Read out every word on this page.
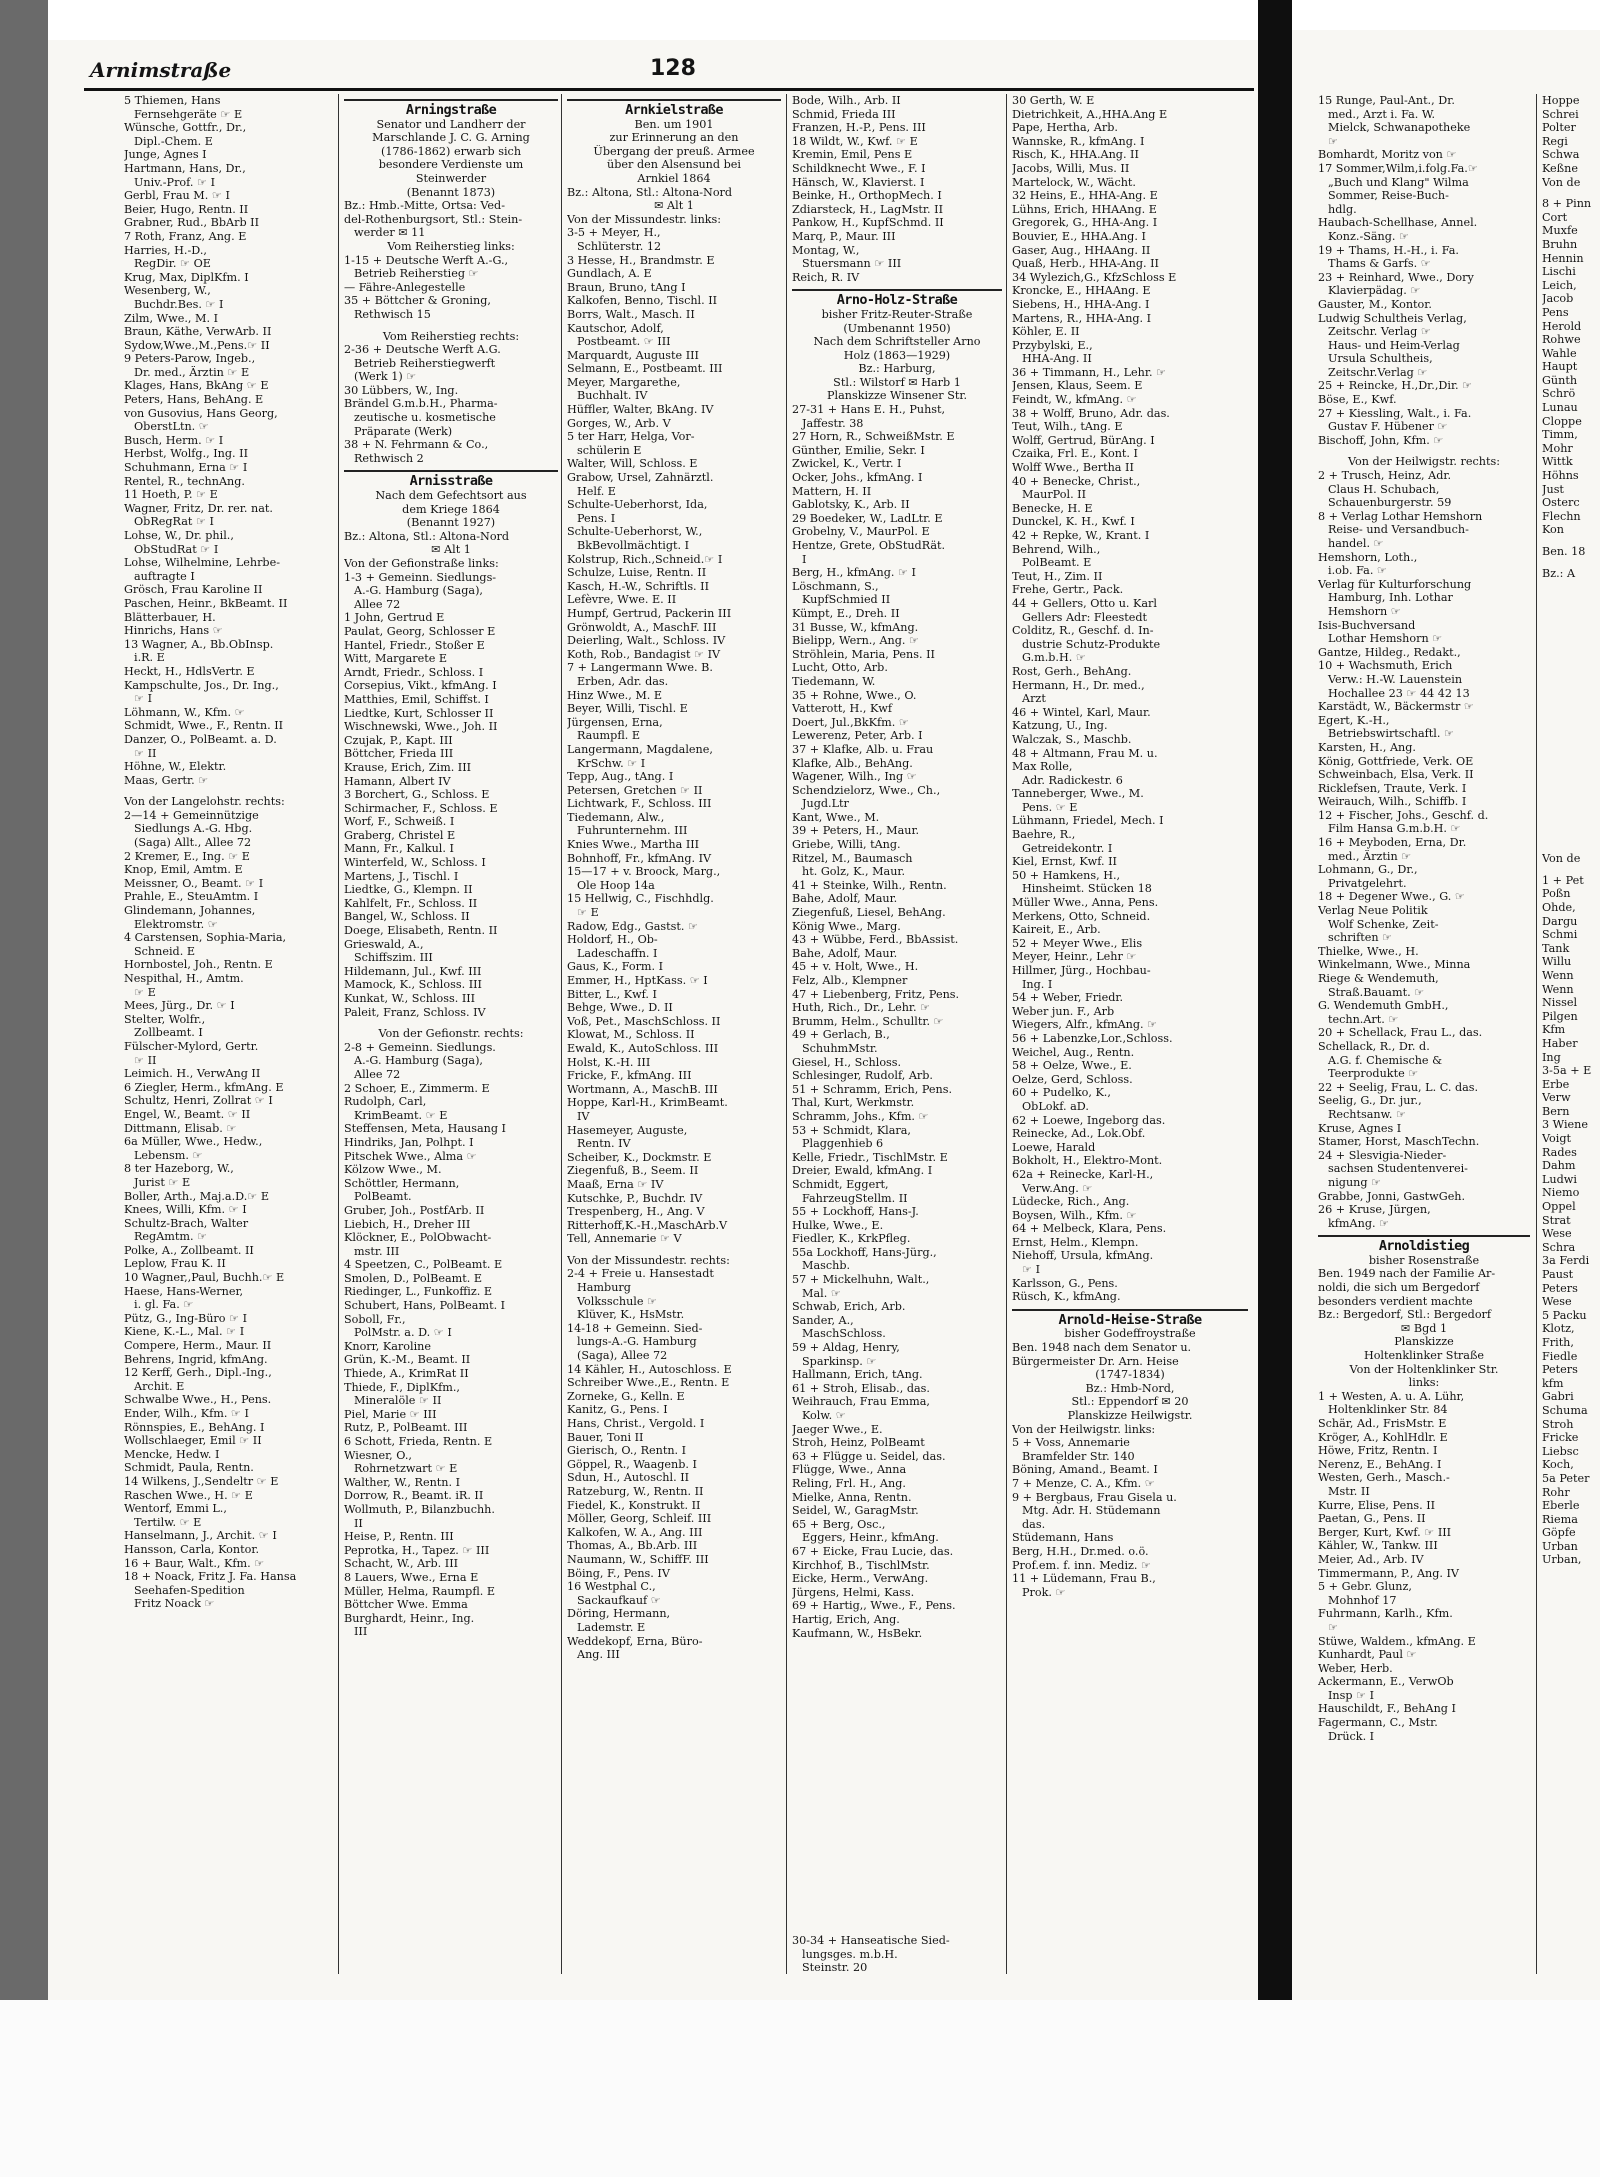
Arnimstraße	128
5 Thiemen, Hans
Fernsehgeräte ☞ E
Wünsche, Gottfr., Dr.,
Dipl.-Chem. E
Junge, Agnes I
Hartmann, Hans, Dr.,
Univ.-Prof. ☞ I
Gerbl, Frau M. ☞ I
Beier, Hugo, Rentn. II
Grabner, Rud., BbArb II
7 Roth, Franz, Ang. E
Harries, H.-D.,
RegDir. ☞ OE
Krug, Max, DiplKfm. I
Wesenberg, W.,
Buchdr.Bes. ☞ I
Zilm, Wwe., M. I
Braun, Käthe, VerwArb. II
Sydow,Wwe.,M.,Pens.☞ II
9 Peters-Parow, Ingeb.,
Dr. med., Ärztin ☞ E
Klages, Hans, BkAng ☞ E
Peters, Hans, BehAng. E
von Gusovius, Hans Georg,
OberstLtn. ☞
Busch, Herm. ☞ I
Herbst, Wolfg., Ing. II
Schuhmann, Erna ☞ I
Rentel, R., technAng.
11 Hoeth, P. ☞ E
Wagner, Fritz, Dr. rer. nat.
ObRegRat ☞ I
Lohse, W., Dr. phil.,
ObStudRat ☞ I
Lohse, Wilhelmine, Lehrbe-
auftragte I
Grösch, Frau Karoline II
Paschen, Heinr., BkBeamt. II
Blätterbauer, H.
Hinrichs, Hans ☞
13 Wagner, A., Bb.ObInsp.
i.R. E
Heckt, H., HdlsVertr. E
Kampschulte, Jos., Dr. Ing.,
☞ I
Löhmann, W., Kfm. ☞
Schmidt, Wwe., F., Rentn. II
Danzer, O., PolBeamt. a. D.
☞ II
Höhne, W., Elektr.
Maas, Gertr. ☞
Von der Langelohstr. rechts:
2—14 + Gemeinnützige
Siedlungs A.-G. Hbg.
(Saga) Allt., Allee 72
2 Kremer, E., Ing. ☞ E
Knop, Emil, Amtm. E
Meissner, O., Beamt. ☞ I
Prahle, E., SteuAmtm. I
Glindemann, Johannes,
Elektromstr. ☞
4 Carstensen, Sophia-Maria,
Schneid. E
Hornbostel, Joh., Rentn. E
Nespithal, H., Amtm.
☞ E
Mees, Jürg., Dr. ☞ I
Stelter, Wolfr.,
Zollbeamt. I
Fülscher-Mylord, Gertr.
☞ II
Leimich. H., VerwAng II
6 Ziegler, Herm., kfmAng. E
Schultz, Henri, Zollrat ☞ I
Engel, W., Beamt. ☞ II
Dittmann, Elisab. ☞
6a Müller, Wwe., Hedw.,
Lebensm. ☞
8 ter Hazeborg, W.,
Jurist ☞ E
Boller, Arth., Maj.a.D.☞ E
Knees, Willi, Kfm. ☞ I
Schultz-Brach, Walter
RegAmtm. ☞
Polke, A., Zollbeamt. II
Leplow, Frau K. II
10 Wagner,,Paul, Buchh.☞ E
Haese, Hans-Werner,
i. gl. Fa. ☞
Pütz, G., Ing-Büro ☞ I
Kiene, K.-L., Mal. ☞ I
Compere, Herm., Maur. II
Behrens, Ingrid, kfmAng.
12 Kerff, Gerh., Dipl.-Ing.,
Archit. E
Schwalbe Wwe., H., Pens.
Ender, Wilh., Kfm. ☞ I
Rönnspies, E., BehAng. I
Wollschlaeger, Emil ☞ II
Mencke, Hedw. I
Schmidt, Paula, Rentn.
14 Wilkens, J.,Sendeltr ☞ E
Raschen Wwe., H. ☞ E
Wentorf, Emmi L.,
Tertilw. ☞ E
Hanselmann, J., Archit. ☞ I
Hansson, Carla, Kontor.
16 + Baur, Walt., Kfm. ☞
18 + Noack, Fritz J. Fa. Hansa
Seehafen-Spedition
Fritz Noack ☞
Arningstraße
Senator und Landherr der
Marschlande J. C. G. Arning
(1786-1862) erwarb sich
besondere Verdienste um
Steinwerder
(Benannt 1873)
Bz.: Hmb.-Mitte, Ortsa: Ved-
del-Rothenburgsort, Stl.: Stein-
werder ✉ 11
Vom Reiherstieg links:
1-15 + Deutsche Werft A.-G.,
Betrieb Reiherstieg ☞
— Fähre-Anlegestelle
35 + Böttcher & Groning,
Rethwisch 15
Vom Reiherstieg rechts:
2-36 + Deutsche Werft A.G.
Betrieb Reiherstiegwerft
(Werk 1) ☞
30 Lübbers, W., Ing.
Brändel G.m.b.H., Pharma-
zeutische u. kosmetische
Präparate (Werk)
38 + N. Fehrmann & Co.,
Rethwisch 2
Arnisstraße
Nach dem Gefechtsort aus
dem Kriege 1864
(Benannt 1927)
Bz.: Altona, Stl.: Altona-Nord
✉ Alt 1
Von der Gefionstraße links:
1-3 + Gemeinn. Siedlungs-
A.-G. Hamburg (Saga),
Allee 72
1 John, Gertrud E
Paulat, Georg, Schlosser E
Hantel, Friedr., Stoßer E
Witt, Margarete E
Arndt, Friedr., Schloss. I
Corsepius, Vikt., kfmAng. I
Matthies, Emil, Schiffst. I
Liedtke, Kurt, Schlosser II
Wischnewski, Wwe., Joh. II
Czujak, P., Kapt. III
Böttcher, Frieda III
Krause, Erich, Zim. III
Hamann, Albert IV
3 Borchert, G., Schloss. E
Schirmacher, F., Schloss. E
Worf, F., Schweiß. I
Graberg, Christel E
Mann, Fr., Kalkul. I
Winterfeld, W., Schloss. I
Martens, J., Tischl. I
Liedtke, G., Klempn. II
Kahlfelt, Fr., Schloss. II
Bangel, W., Schloss. II
Doege, Elisabeth, Rentn. II
Grieswald, A.,
Schiffszim. III
Hildemann, Jul., Kwf. III
Mamock, K., Schloss. III
Kunkat, W., Schloss. III
Paleit, Franz, Schloss. IV
Von der Gefionstr. rechts:
2-8 + Gemeinn. Siedlungs.
A.-G. Hamburg (Saga),
Allee 72
2 Schoer, E., Zimmerm. E
Rudolph, Carl,
KrimBeamt. ☞ E
Steffensen, Meta, Hausang I
Hindriks, Jan, Polhpt. I
Pitschek Wwe., Alma ☞
Kölzow Wwe., M.
Schöttler, Hermann,
PolBeamt.
Gruber, Joh., PostfArb. II
Liebich, H., Dreher III
Klöckner, E., PolObwacht-
mstr. III
4 Speetzen, C., PolBeamt. E
Smolen, D., PolBeamt. E
Riedinger, L., Funkoffiz. E
Schubert, Hans, PolBeamt. I
Soboll, Fr.,
PolMstr. a. D. ☞ I
Knorr, Karoline
Grün, K.-M., Beamt. II
Thiede, A., KrimRat II
Thiede, F., DiplKfm.,
Mineralöle ☞ II
Piel, Marie ☞ III
Rutz, P., PolBeamt. III
6 Schott, Frieda, Rentn. E
Wiesner, O.,
Rohrnetzwart ☞ E
Walther, W., Rentn. I
Dorrow, R., Beamt. iR. II
Wollmuth, P., Bilanzbuchh.
II
Heise, P., Rentn. III
Peprotka, H., Tapez. ☞ III
Schacht, W., Arb. III
8 Lauers, Wwe., Erna E
Müller, Helma, Raumpfl. E
Böttcher Wwe. Emma
Burghardt, Heinr., Ing.
III
Arnkielstraße
Ben. um 1901
zur Erinnerung an den
Übergang der preuß. Armee
über den Alsensund bei
Arnkiel 1864
Bz.: Altona, Stl.: Altona-Nord
✉ Alt 1
Von der Missundestr. links:
3-5 + Meyer, H.,
Schlüterstr. 12
3 Hesse, H., Brandmstr. E
Gundlach, A. E
Braun, Bruno, tAng I
Kalkofen, Benno, Tischl. II
Borrs, Walt., Masch. II
Kautschor, Adolf,
Postbeamt. ☞ III
Marquardt, Auguste III
Selmann, E., Postbeamt. III
Meyer, Margarethe,
Buchhalt. IV
Hüffler, Walter, BkAng. IV
Gorges, W., Arb. V
5 ter Harr, Helga, Vor-
schülerin E
Walter, Will, Schloss. E
Grabow, Ursel, Zahnärztl.
Helf. E
Schulte-Ueberhorst, Ida,
Pens. I
Schulte-Ueberhorst, W.,
BkBevollmächtigt. I
Kolstrup, Rich.,Schneid.☞ I
Schulze, Luise, Rentn. II
Kasch, H.-W., Schriftls. II
Lefèvre, Wwe. E. II
Humpf, Gertrud, Packerin III
Grönwoldt, A., MaschF. III
Deierling, Walt., Schloss. IV
Koth, Rob., Bandagist ☞ IV
7 + Langermann Wwe. B.
Erben, Adr. das.
Hinz Wwe., M. E
Beyer, Willi, Tischl. E
Jürgensen, Erna,
Raumpfl. E
Langermann, Magdalene,
KrSchw. ☞ I
Tepp, Aug., tAng. I
Petersen, Gretchen ☞ II
Lichtwark, F., Schloss. III
Tiedemann, Alw.,
Fuhrunternehm. III
Knies Wwe., Martha III
Bohnhoff, Fr., kfmAng. IV
15—17 + v. Broock, Marg.,
Ole Hoop 14a
15 Hellwig, C., Fischhdlg.
☞ E
Radow, Edg., Gastst. ☞
Holdorf, H., Ob-
Ladeschaffn. I
Gaus, K., Form. I
Emmer, H., HptKass. ☞ I
Bitter, L., Kwf. I
Behge, Wwe., D. II
Voß, Pet., MaschSchloss. II
Klowat, M., Schloss. II
Ewald, K., AutoSchloss. III
Holst, K.-H. III
Fricke, F., kfmAng. III
Wortmann, A., MaschB. III
Hoppe, Karl-H., KrimBeamt.
IV
Hasemeyer, Auguste,
Rentn. IV
Scheiber, K., Dockmstr. E
Ziegenfuß, B., Seem. II
Maaß, Erna ☞ IV
Kutschke, P., Buchdr. IV
Trespenberg, H., Ang. V
Ritterhoff,K.-H.,MaschArb.V
Tell, Annemarie ☞ V
Von der Missundestr. rechts:
2-4 + Freie u. Hansestadt
Hamburg
Volksschule ☞
Klüver, K., HsMstr.
14-18 + Gemeinn. Sied-
lungs-A.-G. Hamburg
(Saga), Allee 72
14 Kähler, H., Autoschloss. E
Schreiber Wwe.,E., Rentn. E
Zorneke, G., Kelln. E
Kanitz, G., Pens. I
Hans, Christ., Vergold. I
Bauer, Toni II
Gierisch, O., Rentn. I
Göppel, R., Waagenb. I
Sdun, H., Autoschl. II
Ratzeburg, W., Rentn. II
Fiedel, K., Konstrukt. II
Möller, Georg, Schleif. III
Kalkofen, W. A., Ang. III
Thomas, A., Bb.Arb. III
Naumann, W., SchiffF. III
Böing, F., Pens. IV
16 Westphal C.,
Sackaufkauf ☞
Döring, Hermann,
Lademstr. E
Weddekopf, Erna, Büro-
Ang. III
Bode, Wilh., Arb. II
Schmid, Frieda III
Franzen, H.-P., Pens. III
18 Wildt, W., Kwf. ☞ E
Kremin, Emil, Pens E
Schildknecht Wwe., F. I
Hänsch, W., Klavierst. I
Beinke, H., OrthopMech. I
Zdiarsteck, H., LagMstr. II
Pankow, H., KupfSchmd. II
Marq, P., Maur. III
Montag, W.,
Stuersmann ☞ III
Reich, R. IV
Arno-Holz-Straße
bisher Fritz-Reuter-Straße
(Umbenannt 1950)
Nach dem Schriftsteller Arno
Holz (1863—1929)
Bz.: Harburg,
Stl.: Wilstorf ✉ Harb 1
Planskizze Winsener Str.
27-31 + Hans E. H., Puhst,
Jaffestr. 38
27 Horn, R., SchweißMstr. E
Günther, Emilie, Sekr. I
Zwickel, K., Vertr. I
Ocker, Johs., kfmAng. I
Mattern, H. II
Gablotsky, K., Arb. II
29 Boedeker, W., LadLtr. E
Grobelny, V., MaurPol. E
Hentze, Grete, ObStudRät.
I
Berg, H., kfmAng. ☞ I
Löschmann, S.,
KupfSchmied II
Kümpt, E., Dreh. II
31 Busse, W., kfmAng.
Bielipp, Wern., Ang. ☞
Ströhlein, Maria, Pens. II
Lucht, Otto, Arb.
Tiedemann, W.
35 + Rohne, Wwe., O.
Vatterott, H., Kwf
Doert, Jul.,BkKfm. ☞
Lewerenz, Peter, Arb. I
37 + Klafke, Alb. u. Frau
Klafke, Alb., BehAng.
Wagener, Wilh., Ing ☞
Schendzielorz, Wwe., Ch.,
Jugd.Ltr
Kant, Wwe., M.
39 + Peters, H., Maur.
Griebe, Willi, tAng.
Ritzel, M., Baumasch
ht. Golz, K., Maur.
41 + Steinke, Wilh., Rentn.
Bahe, Adolf, Maur.
Ziegenfuß, Liesel, BehAng.
König Wwe., Marg.
43 + Wübbe, Ferd., BbAssist.
Bahe, Adolf, Maur.
45 + v. Holt, Wwe., H.
Felz, Alb., Klempner
47 + Liebenberg, Fritz, Pens.
Huth, Rich., Dr., Lehr. ☞
Brumm, Helm., Schulltr. ☞
49 + Gerlach, B.,
SchuhmMstr.
Giesel, H., Schloss.
Schlesinger, Rudolf, Arb.
51 + Schramm, Erich, Pens.
Thal, Kurt, Werkmstr.
Schramm, Johs., Kfm. ☞
53 + Schmidt, Klara,
Plaggenhieb 6
Kelle, Friedr., TischlMstr. E
Dreier, Ewald, kfmAng. I
Schmidt, Eggert,
FahrzeugStellm. II
55 + Lockhoff, Hans-J.
Hulke, Wwe., E.
Fiedler, K., KrkPfleg.
55a Lockhoff, Hans-Jürg.,
Maschb.
57 + Mickelhuhn, Walt.,
Mal. ☞
Schwab, Erich, Arb.
Sander, A.,
MaschSchloss.
59 + Aldag, Henry,
Sparkinsp. ☞
Hallmann, Erich, tAng.
61 + Stroh, Elisab., das.
Weihrauch, Frau Emma,
Kolw. ☞
Jaeger Wwe., E.
Stroh, Heinz, PolBeamt
63 + Flügge u. Seidel, das.
Flügge, Wwe., Anna
Reling, Frl. H., Ang.
Mielke, Anna, Rentn.
Seidel, W., GaragMstr.
65 + Berg, Osc.,
Eggers, Heinr., kfmAng.
67 + Eicke, Frau Lucie, das.
Kirchhof, B., TischlMstr.
Eicke, Herm., VerwAng.
Jürgens, Helmi, Kass.
69 + Hartig,, Wwe., F., Pens.
Hartig, Erich, Ang.
Kaufmann, W., HsBekr.
30 Gerth, W. E
Dietrichkeit, A.,HHA.Ang E
Pape, Hertha, Arb.
Wannske, R., kfmAng. I
Risch, K., HHA.Ang. II
Jacobs, Willi, Mus. II
Martelock, W., Wächt.
32 Heins, E., HHA-Ang. E
Lühns, Erich, HHAAng. E
Gregorek, G., HHA-Ang. I
Bouvier, E., HHA.Ang. I
Gaser, Aug., HHAAng. II
Quaß, Herb., HHA-Ang. II
34 Wylezich,G., KfzSchloss E
Kroncke, E., HHAAng. E
Siebens, H., HHA-Ang. I
Martens, R., HHA-Ang. I
Köhler, E. II
Przybylski, E.,
HHA-Ang. II
36 + Timmann, H., Lehr. ☞
Jensen, Klaus, Seem. E
Feindt, W., kfmAng. ☞
38 + Wolff, Bruno, Adr. das.
Teut, Wilh., tAng. E
Wolff, Gertrud, BürAng. I
Czaika, Frl. E., Kont. I
Wolff Wwe., Bertha II
40 + Benecke, Christ.,
MaurPol. II
Benecke, H. E
Dunckel, K. H., Kwf. I
42 + Repke, W., Krant. I
Behrend, Wilh.,
PolBeamt. E
Teut, H., Zim. II
Frehe, Gertr., Pack.
44 + Gellers, Otto u. Karl
Gellers Adr: Fleestedt
Colditz, R., Geschf. d. In-
dustrie Schutz-Produkte
G.m.b.H. ☞
Rost, Gerh., BehAng.
Hermann, H., Dr. med.,
Arzt
46 + Wintel, Karl, Maur.
Katzung, U., Ing.
Walczak, S., Maschb.
48 + Altmann, Frau M. u.
Max Rolle,
Adr. Radickestr. 6
Tanneberger, Wwe., M.
Pens. ☞ E
Lühmann, Friedel, Mech. I
Baehre, R.,
Getreidekontr. I
Kiel, Ernst, Kwf. II
50 + Hamkens, H.,
Hinsheimt. Stücken 18
Müller Wwe., Anna, Pens.
Merkens, Otto, Schneid.
Kaireit, E., Arb.
52 + Meyer Wwe., Elis
Meyer, Heinr., Lehr ☞
Hillmer, Jürg., Hochbau-
Ing. I
54 + Weber, Friedr.
Weber jun. F., Arb
Wiegers, Alfr., kfmAng. ☞
56 + Labenzke,Lor.,Schloss.
Weichel, Aug., Rentn.
58 + Oelze, Wwe., E.
Oelze, Gerd, Schloss.
60 + Pudelko, K.,
ObLokf. aD.
62 + Loewe, Ingeborg das.
Reinecke, Ad., Lok.Obf.
Loewe, Harald
Bokholt, H., Elektro-Mont.
62a + Reinecke, Karl-H.,
Verw.Ang. ☞
Lüdecke, Rich., Ang.
Boysen, Wilh., Kfm. ☞
64 + Melbeck, Klara, Pens.
Ernst, Helm., Klempn.
Niehoff, Ursula, kfmAng.
☞ I
Karlsson, G., Pens.
Rüsch, K., kfmAng.
Arnold-Heise-Straße
bisher Godeffroystraße
Ben. 1948 nach dem Senator u.
Bürgermeister Dr. Arn. Heise
(1747-1834)
Bz.: Hmb-Nord,
Stl.: Eppendorf ✉ 20
Planskizze Heilwigstr.
Von der Heilwigstr. links:
5 + Voss, Annemarie
Bramfelder Str. 140
Böning, Amand., Beamt. I
7 + Menze, C. A., Kfm. ☞
9 + Bergbaus, Frau Gisela u.
Mtg. Adr. H. Stüdemann
das.
Stüdemann, Hans
Berg, H.H., Dr.med. o.ö.
Prof.em. f. inn. Mediz. ☞
11 + Lüdemann, Frau B.,
Prok. ☞
15 Runge, Paul-Ant., Dr.
med., Arzt i. Fa. W.
Mielck, Schwanapotheke
☞
Bomhardt, Moritz von ☞
17 Sommer,Wilm,i.folg.Fa.☞
„Buch und Klang" Wilma
Sommer, Reise-Buch-
hdlg.
Haubach-Schellhase, Annel.
Konz.-Säng. ☞
19 + Thams, H.-H., i. Fa.
Thams & Garfs. ☞
23 + Reinhard, Wwe., Dory
Klavierpädag. ☞
Gauster, M., Kontor.
Ludwig Schultheis Verlag,
Zeitschr. Verlag ☞
Haus- und Heim-Verlag
Ursula Schultheis,
Zeitschr.Verlag ☞
25 + Reincke, H.,Dr.,Dir. ☞
Böse, E., Kwf.
27 + Kiessling, Walt., i. Fa.
Gustav F. Hübener ☞
Bischoff, John, Kfm. ☞
Von der Heilwigstr. rechts:
2 + Trusch, Heinz, Adr.
Claus H. Schubach,
Schauenburgerstr. 59
8 + Verlag Lothar Hemshorn
Reise- und Versandbuch-
handel. ☞
Hemshorn, Loth.,
i.ob. Fa. ☞
Verlag für Kulturforschung
Hamburg, Inh. Lothar
Hemshorn ☞
Isis-Buchversand
Lothar Hemshorn ☞
Gantze, Hildeg., Redakt.,
10 + Wachsmuth, Erich
Verw.: H.-W. Lauenstein
Hochallee 23 ☞ 44 42 13
Karstädt, W., Bäckermstr ☞
Egert, K.-H.,
Betriebswirtschaftl. ☞
Karsten, H., Ang.
König, Gottfriede, Verk. OE
Schweinbach, Elsa, Verk. II
Ricklefsen, Traute, Verk. I
Weirauch, Wilh., Schiffb. I
12 + Fischer, Johs., Geschf. d.
Film Hansa G.m.b.H. ☞
16 + Meyboden, Erna, Dr.
med., Ärztin ☞
Lohmann, G., Dr.,
Privatgelehrt.
18 + Degener Wwe., G. ☞
Verlag Neue Politik
Wolf Schenke, Zeit-
schriften ☞
Thielke, Wwe., H.
Winkelmann, Wwe., Minna
Riege & Wendemuth,
Straß.Bauamt. ☞
G. Wendemuth GmbH.,
techn.Art. ☞
20 + Schellack, Frau L., das.
Schellack, R., Dr. d.
A.G. f. Chemische &
Teerprodukte ☞
22 + Seelig, Frau, L. C. das.
Seelig, G., Dr. jur.,
Rechtsanw. ☞
Kruse, Agnes I
Stamer, Horst, MaschTechn.
24 + Slesvigia-Nieder-
sachsen Studentenverei-
nigung ☞
Grabbe, Jonni, GastwGeh.
26 + Kruse, Jürgen,
kfmAng. ☞
Arnoldistieg
bisher Rosenstraße
Ben. 1949 nach der Familie Ar-
noldi, die sich um Bergedorf
besonders verdient machte
Bz.: Bergedorf, Stl.: Bergedorf
✉ Bgd 1
Planskizze
Holtenklinker Straße
Von der Holtenklinker Str.
links:
1 + Westen, A. u. A. Lühr,
Holtenklinker Str. 84
Schär, Ad., FrisMstr. E
Kröger, A., KohlHdlr. E
Höwe, Fritz, Rentn. I
Nerenz, E., BehAng. I
Westen, Gerh., Masch.-
Mstr. II
Kurre, Elise, Pens. II
Paetan, G., Pens. II
Berger, Kurt, Kwf. ☞ III
Kähler, W., Tankw. III
Meier, Ad., Arb. IV
Timmermann, P., Ang. IV
5 + Gebr. Glunz,
Mohnhof 17
Fuhrmann, Karlh., Kfm.
☞
Stüwe, Waldem., kfmAng. E
Kunhardt, Paul ☞
Weber, Herb.
Ackermann, E., VerwOb
Insp ☞ I
Hauschildt, F., BehAng I
Fagermann, C., Mstr.
Drück. I
Hoppe
Schrei
Polter
Regi
Schwa
Keßne
Von de
8 + Pinn
Cort
Muxfe
Bruhn
Hennin
Lischi
Leich,
Jacob
Pens
Herold
Rohwe
Wahle
Haupt
Günth
Schrö
Lunau
Cloppe
Timm,
Mohr
Wittk
Höhns
Just
Osterc
Flechn
Kon
Ben. 18
Bz.: A
Von de
1 + Pet
Poßn
Ohde,
Dargu
Schmi
Tank
Willu
Wenn
Wenn
Nissel
Pilgen
Kfm
Haber
Ing
3-5a + E
Erbe
Verw
Bern
3 Wiene
Voigt
Rades
Dahm
Ludwi
Niemo
Oppel
Strat
Wese
Schra
3a Ferdi
Paust
Peters
Wese
5 Packu
Klotz,
Frith,
Fiedle
Peters
kfm
Gabri
Schuma
Stroh
Fricke
Liebsc
Koch,
5a Peter
Rohr
Eberle
Riema
Göpfe
Urban
Urban,
30-34 + Hanseatische Sied-
lungsges. m.b.H.
Steinstr. 20
